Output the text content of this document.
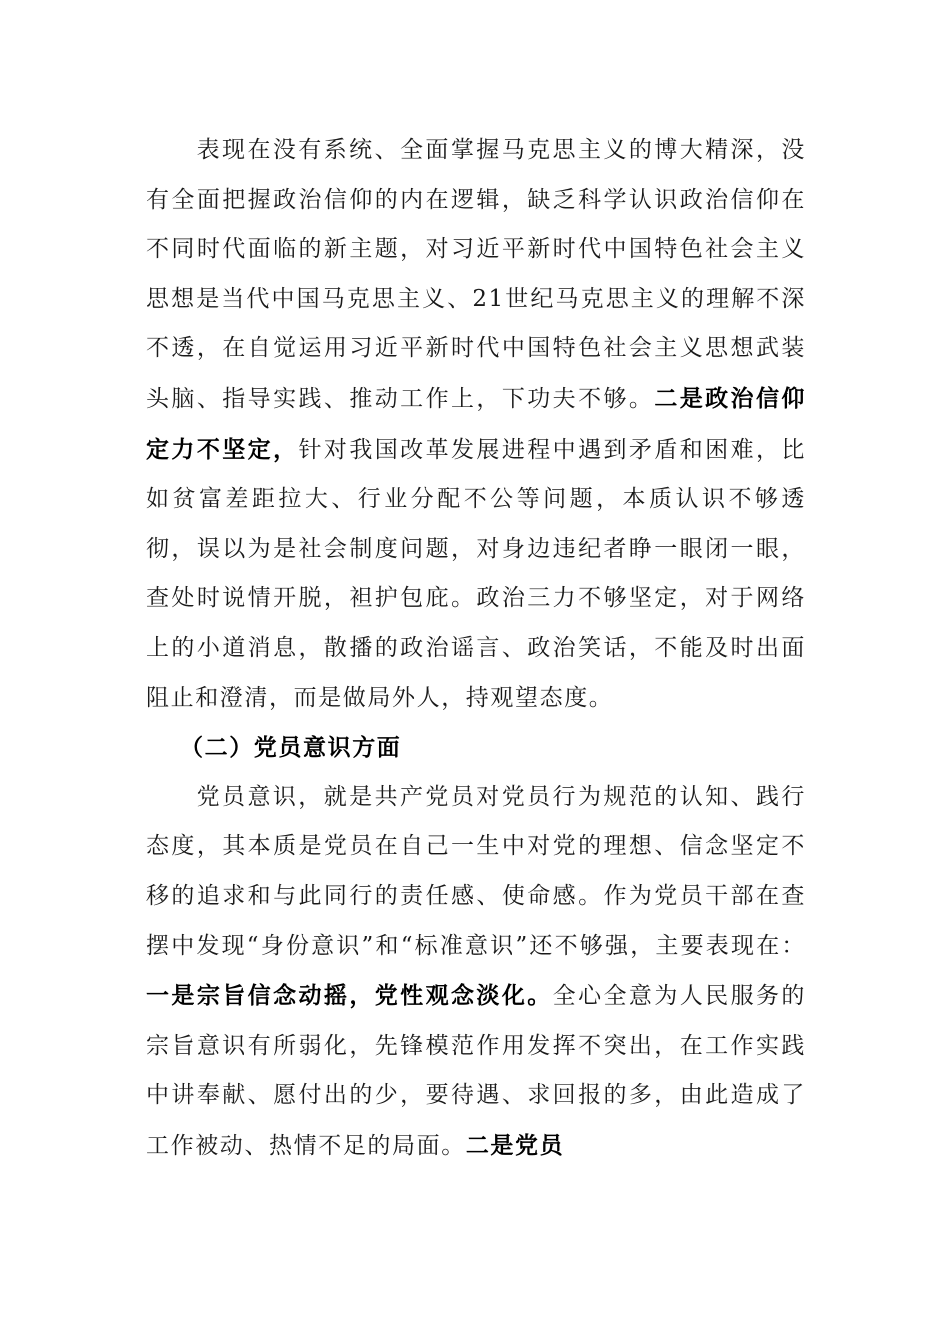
表现在没有系统、全面掌握马克思主义的博大精深，没有全面把握政治信仰的内在逻辑，缺乏科学认识政治信仰在不同时代面临的新主题，对习近平新时代中国特色社会主义思想是当代中国马克思主义、21世纪马克思主义的理解不深不透，在自觉运用习近平新时代中国特色社会主义思想武装头脑、指导实践、推动工作上，下功夫不够。二是政治信仰定力不坚定，针对我国改革发展进程中遇到矛盾和困难，比如贫富差距拉大、行业分配不公等问题，本质认识不够透彻，误以为是社会制度问题，对身边违纪者睁一眼闭一眼，查处时说情开脱，袒护包庇。政治三力不够坚定，对于网络上的小道消息，散播的政治谣言、政治笑话，不能及时出面阻止和澄清，而是做局外人，持观望态度。

（二）党员意识方面

党员意识，就是共产党员对党员行为规范的认知、践行态度，其本质是党员在自己一生中对党的理想、信念坚定不移的追求和与此同行的责任感、使命感。作为党员干部在查摆中发现“身份意识”和“标准意识”还不够强，主要表现在：一是宗旨信念动摇，党性观念淡化。全心全意为人民服务的宗旨意识有所弱化，先锋模范作用发挥不突出，在工作实践中讲奉献、愿付出的少，要待遇、求回报的多，由此造成了工作被动、热情不足的局面。二是党员
